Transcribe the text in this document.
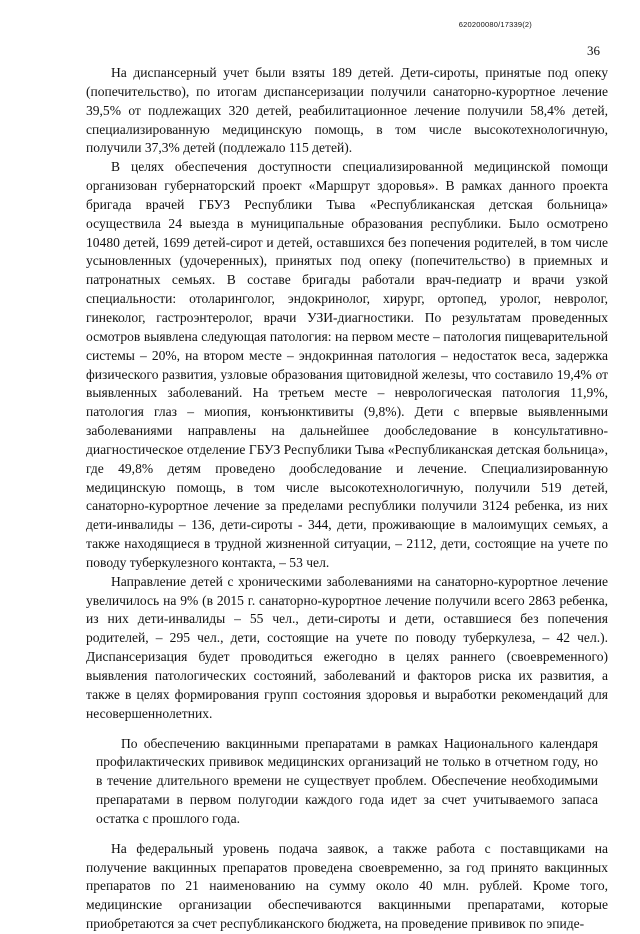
620200080/17339(2)
36

На диспансерный учет были взяты 189 детей. Дети-сироты, принятые под опеку (попечительство), по итогам диспансеризации получили санаторно-курортное лечение 39,5% от подлежащих 320 детей, реабилитационное лечение получили 58,4% детей, специализированную медицинскую помощь, в том числе высокотехнологичную, получили 37,3% детей (подлежало 115 детей).

В целях обеспечения доступности специализированной медицинской помощи организован губернаторский проект «Маршрут здоровья». В рамках данного проекта бригада врачей ГБУЗ Республики Тыва «Республиканская детская больница» осуществила 24 выезда в муниципальные образования республики. Было осмотрено 10480 детей, 1699 детей-сирот и детей, оставшихся без попечения родителей, в том числе усыновленных (удочеренных), принятых под опеку (попечительство) в приемных и патронатных семьях. В составе бригады работали врач-педиатр и врачи узкой специальности: отоларинголог, эндокринолог, хирург, ортопед, уролог, невролог, гинеколог, гастроэнтеролог, врачи УЗИ-диагностики. По результатам проведенных осмотров выявлена следующая патология: на первом месте – патология пищеварительной системы – 20%, на втором месте – эндокринная патология – недостаток веса, задержка физического развития, узловые образования щитовидной железы, что составило 19,4% от выявленных заболеваний. На третьем месте – неврологическая патология 11,9%, патология глаз – миопия, конъюнктивиты (9,8%). Дети с впервые выявленными заболеваниями направлены на дальнейшее дообследование в консультативно-диагностическое отделение ГБУЗ Республики Тыва «Республиканская детская больница», где 49,8% детям проведено дообследование и лечение. Специализированную медицинскую помощь, в том числе высокотехнологичную, получили 519 детей, санаторно-курортное лечение за пределами республики получили 3124 ребенка, из них дети-инвалиды – 136, дети-сироты - 344, дети, проживающие в малоимущих семьях, а также находящиеся в трудной жизненной ситуации, – 2112, дети, состоящие на учете по поводу туберкулезного контакта, – 53 чел.

Направление детей с хроническими заболеваниями на санаторно-курортное лечение увеличилось на 9% (в 2015 г. санаторно-курортное лечение получили всего 2863 ребенка, из них дети-инвалиды – 55 чел., дети-сироты и дети, оставшиеся без попечения родителей, – 295 чел., дети, состоящие на учете по поводу туберкулеза, – 42 чел.). Диспансеризация будет проводиться ежегодно в целях раннего (своевременного) выявления патологических состояний, заболеваний и факторов риска их развития, а также в целях формирования групп состояния здоровья и выработки рекомендаций для несовершеннолетних.

По обеспечению вакцинными препаратами в рамках Национального календаря профилактических прививок медицинских организаций не только в отчетном году, но в течение длительного времени не существует проблем. Обеспечение необходимыми препаратами в первом полугодии каждого года идет за счет учитываемого запаса остатка с прошлого года.

На федеральный уровень подача заявок, а также работа с поставщиками на получение вакцинных препаратов проведена своевременно, за год принято вакцинных препаратов по 21 наименованию на сумму около 40 млн. рублей. Кроме того, медицинские организации обеспечиваются вакцинными препаратами, которые приобретаются за счет республиканского бюджета, на проведение прививок по эпиде-
